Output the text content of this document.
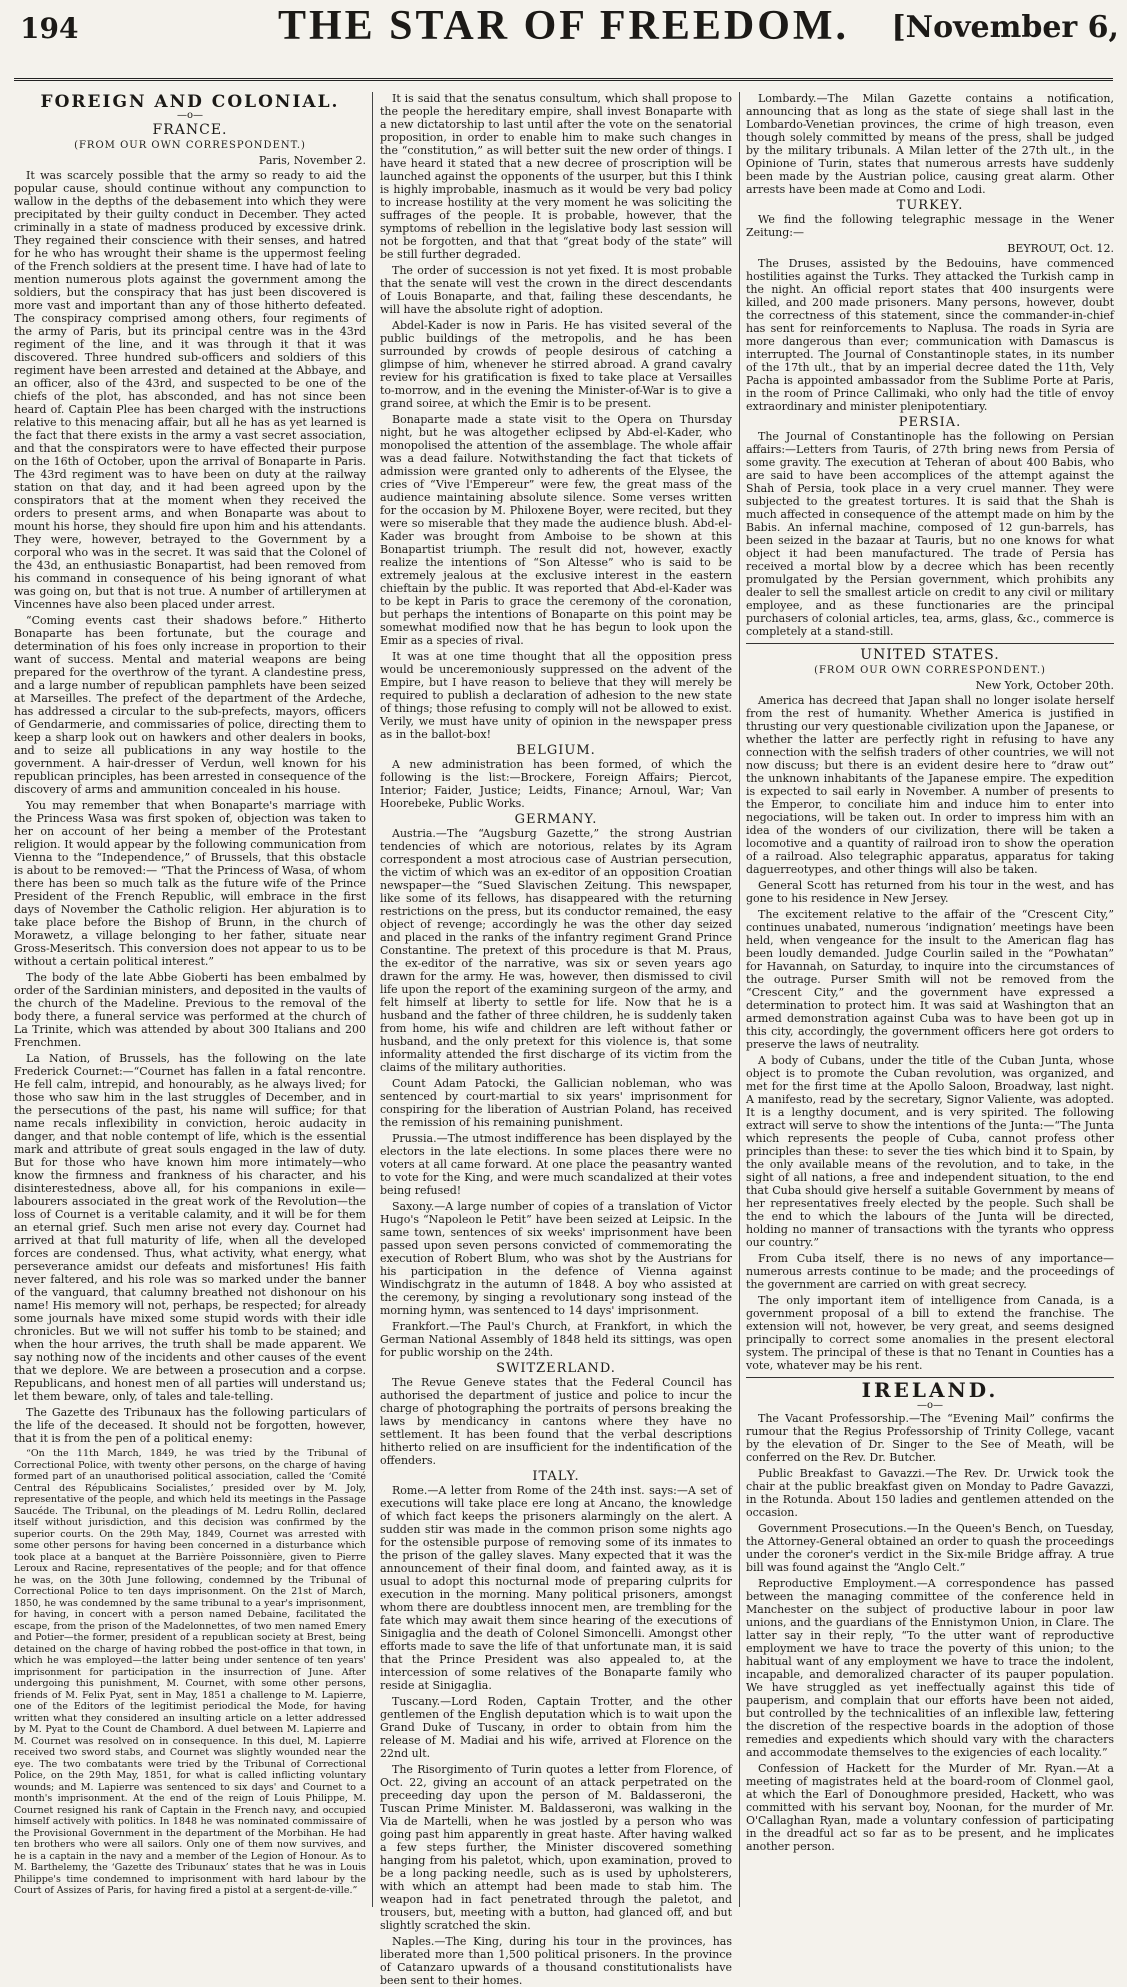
194	THE STAR OF FREEDOM.	[November 6,
FOREIGN AND COLONIAL.
—o—
FRANCE.
(FROM OUR OWN CORRESPONDENT.)
Paris, November 2.

It was scarcely possible that the army so ready to aid the popular cause, should continue without any compunction to wallow in the depths of the debasement into which they were precipitated by their guilty conduct in December. They acted criminally in a state of madness produced by excessive drink. They regained their conscience with their senses, and hatred for he who has wrought their shame is the uppermost feeling of the French soldiers at the present time. I have had of late to mention numerous plots against the government among the soldiers, but the conspiracy that has just been discovered is more vast and important than any of those hitherto defeated. The conspiracy comprised among others, four regiments of the army of Paris, but its principal centre was in the 43rd regiment of the line, and it was through it that it was discovered. Three hundred sub-officers and soldiers of this regiment have been arrested and detained at the Abbaye, and an officer, also of the 43rd, and suspected to be one of the chiefs of the plot, has absconded, and has not since been heard of. Captain Plee has been charged with the instructions relative to this menacing affair, but all he has as yet learned is the fact that there exists in the army a vast secret association, and that the conspirators were to have effected their purpose on the 16th of October, upon the arrival of Bonaparte in Paris. The 43rd regiment was to have been on duty at the railway station on that day, and it had been agreed upon by the conspirators that at the moment when they received the orders to present arms, and when Bonaparte was about to mount his horse, they should fire upon him and his attendants. They were, however, betrayed to the Government by a corporal who was in the secret. It was said that the Colonel of the 43d, an enthusiastic Bonapartist, had been removed from his command in consequence of his being ignorant of what was going on, but that is not true. A number of artillerymen at Vincennes have also been placed under arrest.

“Coming events cast their shadows before.” Hitherto Bonaparte has been fortunate, but the courage and determination of his foes only increase in proportion to their want of success. Mental and material weapons are being prepared for the overthrow of the tyrant. A clandestine press, and a large number of republican pamphlets have been seized at Marseilles. The prefect of the department of the Ardeche, has addressed a circular to the sub-prefects, mayors, officers of Gendarmerie, and commissaries of police, directing them to keep a sharp look out on hawkers and other dealers in books, and to seize all publications in any way hostile to the government. A hair-dresser of Verdun, well known for his republican principles, has been arrested in consequence of the discovery of arms and ammunition concealed in his house.

You may remember that when Bonaparte's marriage with the Princess Wasa was first spoken of, objection was taken to her on account of her being a member of the Protestant religion. It would appear by the following communication from Vienna to the “Independence,” of Brussels, that this obstacle is about to be removed:— “That the Princess of Wasa, of whom there has been so much talk as the future wife of the Prince President of the French Republic, will embrace in the first days of November the Catholic religion. Her abjuration is to take place before the Bishop of Brunn, in the church of Morawetz, a village belonging to her father, situate near Gross-Meseritsch. This conversion does not appear to us to be without a certain political interest.”

The body of the late Abbe Gioberti has been embalmed by order of the Sardinian ministers, and deposited in the vaults of the church of the Madeline. Previous to the removal of the body there, a funeral service was performed at the church of La Trinite, which was attended by about 300 Italians and 200 Frenchmen.

La Nation, of Brussels, has the following on the late Frederick Cournet:—“Cournet has fallen in a fatal rencontre. He fell calm, intrepid, and honourably, as he always lived; for those who saw him in the last struggles of December, and in the persecutions of the past, his name will suffice; for that name recals inflexibility in conviction, heroic audacity in danger, and that noble contempt of life, which is the essential mark and attribute of great souls engaged in the law of duty. But for those who have known him more intimately—who know the firmness and frankness of his character, and his disinterestedness, above all, for his companions in exile—labourers associated in the great work of the Revolution—the loss of Cournet is a veritable calamity, and it will be for them an eternal grief. Such men arise not every day. Cournet had arrived at that full maturity of life, when all the developed forces are condensed. Thus, what activity, what energy, what perseverance amidst our defeats and misfortunes! His faith never faltered, and his role was so marked under the banner of the vanguard, that calumny breathed not dishonour on his name! His memory will not, perhaps, be respected; for already some journals have mixed some stupid words with their idle chronicles. But we will not suffer his tomb to be stained; and when the hour arrives, the truth shall be made apparent. We say nothing now of the incidents and other causes of the event that we deplore. We are between a prosecution and a corpse. Republicans, and honest men of all parties will understand us; let them beware, only, of tales and tale-telling.

The Gazette des Tribunaux has the following particulars of the life of the deceased. It should not be forgotten, however, that it is from the pen of a political enemy:

“On the 11th March, 1849, he was tried by the Tribunal of Correctional Police, with twenty other persons, on the charge of having formed part of an unauthorised political association, called the ‘Comité Central des Républicains Socialistes,’ presided over by M. Joly, representative of the people, and which held its meetings in the Passage Saucéde. The Tribunal, on the pleadings of M. Ledru Rollin, declared itself without jurisdiction, and this decision was confirmed by the superior courts. On the 29th May, 1849, Cournet was arrested with some other persons for having been concerned in a disturbance which took place at a banquet at the Barrière Poissonnière, given to Pierre Leroux and Racine, representatives of the people; and for that offence he was, on the 30th June following, condemned by the Tribunal of Correctional Police to ten days imprisonment. On the 21st of March, 1850, he was condemned by the same tribunal to a year's imprisonment, for having, in concert with a person named Debaine, facilitated the escape, from the prison of the Madelonnettes, of two men named Emery and Potier—the former, president of a republican society at Brest, being detained on the charge of having robbed the post-office in that town, in which he was employed—the latter being under sentence of ten years' imprisonment for participation in the insurrection of June. After undergoing this punishment, M. Cournet, with some other persons, friends of M. Felix Pyat, sent in May, 1851 a challenge to M. Lapierre, one of the Editors of the legitimist periodical the Mode, for having written what they considered an insulting article on a letter addressed by M. Pyat to the Count de Chambord. A duel between M. Lapierre and M. Cournet was resolved on in consequence. In this duel, M. Lapierre received two sword stabs, and Cournet was slightly wounded near the eye. The two combatants were tried by the Tribunal of Correctional Police, on the 29th May, 1851, for what is called inflicting voluntary wounds; and M. Lapierre was sentenced to six days' and Cournet to a month's imprisonment. At the end of the reign of Louis Philippe, M. Cournet resigned his rank of Captain in the French navy, and occupied himself actively with politics. In 1848 he was nominated commissaire of the Provisional Government in the department of the Morbihan. He had ten brothers who were all sailors. Only one of them now survives, and he is a captain in the navy and a member of the Legion of Honour. As to M. Barthelemy, the ‘Gazette des Tribunaux’ states that he was in Louis Philippe's time condemned to imprisonment with hard labour by the Court of Assizes of Paris, for having fired a pistol at a sergent-de-ville.”

It is said that the senatus consultum, which shall propose to the people the hereditary empire, shall invest Bonaparte with a new dictatorship to last until after the vote on the senatorial proposition, in order to enable him to make such changes in the “constitution,” as will better suit the new order of things. I have heard it stated that a new decree of proscription will be launched against the opponents of the usurper, but this I think is highly improbable, inasmuch as it would be very bad policy to increase hostility at the very moment he was soliciting the suffrages of the people. It is probable, however, that the symptoms of rebellion in the legislative body last session will not be forgotten, and that that “great body of the state” will be still further degraded.

The order of succession is not yet fixed. It is most probable that the senate will vest the crown in the direct descendants of Louis Bonaparte, and that, failing these descendants, he will have the absolute right of adoption.

Abdel-Kader is now in Paris. He has visited several of the public buildings of the metropolis, and he has been surrounded by crowds of people desirous of catching a glimpse of him, whenever he stirred abroad. A grand cavalry review for his gratification is fixed to take place at Versailles to-morrow, and in the evening the Minister-of-War is to give a grand soiree, at which the Emir is to be present.

Bonaparte made a state visit to the Opera on Thursday night, but he was altogether eclipsed by Abd-el-Kader, who monopolised the attention of the assemblage. The whole affair was a dead failure. Notwithstanding the fact that tickets of admission were granted only to adherents of the Elysee, the cries of “Vive l'Empereur” were few, the great mass of the audience maintaining absolute silence. Some verses written for the occasion by M. Philoxene Boyer, were recited, but they were so miserable that they made the audience blush. Abd-el-Kader was brought from Amboise to be shown at this Bonapartist triumph. The result did not, however, exactly realize the intentions of “Son Altesse” who is said to be extremely jealous at the exclusive interest in the eastern chieftain by the public. It was reported that Abd-el-Kader was to be kept in Paris to grace the ceremony of the coronation, but perhaps the intentions of Bonaparte on this point may be somewhat modified now that he has begun to look upon the Emir as a species of rival.

It was at one time thought that all the opposition press would be unceremoniously suppressed on the advent of the Empire, but I have reason to believe that they will merely be required to publish a declaration of adhesion to the new state of things; those refusing to comply will not be allowed to exist. Verily, we must have unity of opinion in the newspaper press as in the ballot-box!

BELGIUM.

A new administration has been formed, of which the following is the list:—Brockere, Foreign Affairs; Piercot, Interior; Faider, Justice; Leidts, Finance; Arnoul, War; Van Hoorebeke, Public Works.

GERMANY.

Austria.—The “Augsburg Gazette,” the strong Austrian tendencies of which are notorious, relates by its Agram correspondent a most atrocious case of Austrian persecution, the victim of which was an ex-editor of an opposition Croatian newspaper—the “Sued Slavischen Zeitung. This newspaper, like some of its fellows, has disappeared with the returning restrictions on the press, but its conductor remained, the easy object of revenge; accordingly he was the other day seized and placed in the ranks of the infantry regiment Grand Prince Constantine. The pretext of this procedure is that M. Praus, the ex-editor of the narrative, was six or seven years ago drawn for the army. He was, however, then dismissed to civil life upon the report of the examining surgeon of the army, and felt himself at liberty to settle for life. Now that he is a husband and the father of three children, he is suddenly taken from home, his wife and children are left without father or husband, and the only pretext for this violence is, that some informality attended the first discharge of its victim from the claims of the military authorities.

Count Adam Patocki, the Gallician nobleman, who was sentenced by court-martial to six years' imprisonment for conspiring for the liberation of Austrian Poland, has received the remission of his remaining punishment.

Prussia.—The utmost indifference has been displayed by the electors in the late elections. In some places there were no voters at all came forward. At one place the peasantry wanted to vote for the King, and were much scandalized at their votes being refused!

Saxony.—A large number of copies of a translation of Victor Hugo's “Napoleon le Petit” have been seized at Leipsic. In the same town, sentences of six weeks' imprisonment have been passed upon seven persons convicted of commemorating the execution of Robert Blum, who was shot by the Austrians for his participation in the defence of Vienna against Windischgratz in the autumn of 1848. A boy who assisted at the ceremony, by singing a revolutionary song instead of the morning hymn, was sentenced to 14 days' imprisonment.

Frankfort.—The Paul's Church, at Frankfort, in which the German National Assembly of 1848 held its sittings, was open for public worship on the 24th.

SWITZERLAND.

The Revue Geneve states that the Federal Council has authorised the department of justice and police to incur the charge of photographing the portraits of persons breaking the laws by mendicancy in cantons where they have no settlement. It has been found that the verbal descriptions hitherto relied on are insufficient for the indentification of the offenders.

ITALY.

Rome.—A letter from Rome of the 24th inst. says:—A set of executions will take place ere long at Ancano, the knowledge of which fact keeps the prisoners alarmingly on the alert. A sudden stir was made in the common prison some nights ago for the ostensible purpose of removing some of its inmates to the prison of the galley slaves. Many expected that it was the announcement of their final doom, and fainted away, as it is usual to adopt this nocturnal mode of preparing culprits for execution in the morning. Many political prisoners, amongst whom there are doubtless innocent men, are trembling for the fate which may await them since hearing of the executions of Sinigaglia and the death of Colonel Simoncelli. Amongst other efforts made to save the life of that unfortunate man, it is said that the Prince President was also appealed to, at the intercession of some relatives of the Bonaparte family who reside at Sinigaglia.

Tuscany.—Lord Roden, Captain Trotter, and the other gentlemen of the English deputation which is to wait upon the Grand Duke of Tuscany, in order to obtain from him the release of M. Madiai and his wife, arrived at Florence on the 22nd ult.

The Risorgimento of Turin quotes a letter from Florence, of Oct. 22, giving an account of an attack perpetrated on the preceeding day upon the person of M. Baldasseroni, the Tuscan Prime Minister. M. Baldasseroni, was walking in the Via de Martelli, when he was jostled by a person who was going past him apparently in great haste. After having walked a few steps further, the Minister discovered something hanging from his paletot, which, upon examination, proved to be a long packing needle, such as is used by upholsterers, with which an attempt had been made to stab him. The weapon had in fact penetrated through the paletot, and trousers, but, meeting with a button, had glanced off, and but slightly scratched the skin.

Naples.—The King, during his tour in the provinces, has liberated more than 1,500 political prisoners. In the province of Catanzaro upwards of a thousand constitutionalists have been sent to their homes.

Lombardy.—The Milan Gazette contains a notification, announcing that as long as the state of siege shall last in the Lombardo-Venetian provinces, the crime of high treason, even though solely committed by means of the press, shall be judged by the military tribunals. A Milan letter of the 27th ult., in the Opinione of Turin, states that numerous arrests have suddenly been made by the Austrian police, causing great alarm. Other arrests have been made at Como and Lodi.

TURKEY.

We find the following telegraphic message in the Wener Zeitung:—

BEYROUT, Oct. 12.

The Druses, assisted by the Bedouins, have commenced hostilities against the Turks. They attacked the Turkish camp in the night. An official report states that 400 insurgents were killed, and 200 made prisoners. Many persons, however, doubt the correctness of this statement, since the commander-in-chief has sent for reinforcements to Naplusa. The roads in Syria are more dangerous than ever; communication with Damascus is interrupted. The Journal of Constantinople states, in its number of the 17th ult., that by an imperial decree dated the 11th, Vely Pacha is appointed ambassador from the Sublime Porte at Paris, in the room of Prince Callimaki, who only had the title of envoy extraordinary and minister plenipotentiary.

PERSIA.

The Journal of Constantinople has the following on Persian affairs:—Letters from Tauris, of 27th bring news from Persia of some gravity. The execution at Teheran of about 400 Babis, who are said to have been accomplices of the attempt against the Shah of Persia, took place in a very cruel manner. They were subjected to the greatest tortures. It is said that the Shah is much affected in consequence of the attempt made on him by the Babis. An infernal machine, composed of 12 gun-barrels, has been seized in the bazaar at Tauris, but no one knows for what object it had been manufactured. The trade of Persia has received a mortal blow by a decree which has been recently promulgated by the Persian government, which prohibits any dealer to sell the smallest article on credit to any civil or military employee, and as these functionaries are the principal purchasers of colonial articles, tea, arms, glass, &c., commerce is completely at a stand-still.

UNITED STATES.
(FROM OUR OWN CORRESPONDENT.)
New York, October 20th.

America has decreed that Japan shall no longer isolate herself from the rest of humanity. Whether America is justified in thrusting our very questionable civilization upon the Japanese, or whether the latter are perfectly right in refusing to have any connection with the selfish traders of other countries, we will not now discuss; but there is an evident desire here to “draw out” the unknown inhabitants of the Japanese empire. The expedition is expected to sail early in November. A number of presents to the Emperor, to conciliate him and induce him to enter into negociations, will be taken out. In order to impress him with an idea of the wonders of our civilization, there will be taken a locomotive and a quantity of railroad iron to show the operation of a railroad. Also telegraphic apparatus, apparatus for taking daguerreotypes, and other things will also be taken.

General Scott has returned from his tour in the west, and has gone to his residence in New Jersey.

The excitement relative to the affair of the “Crescent City,” continues unabated, numerous ‘indignation’ meetings have been held, when vengeance for the insult to the American flag has been loudly demanded. Judge Courlin sailed in the “Powhatan” for Havannah, on Saturday, to inquire into the circumstances of the outrage. Purser Smith will not be removed from the “Crescent City,” and the government have expressed a determination to protect him. It was said at Washington that an armed demonstration against Cuba was to have been got up in this city, accordingly, the government officers here got orders to preserve the laws of neutrality.

A body of Cubans, under the title of the Cuban Junta, whose object is to promote the Cuban revolution, was organized, and met for the first time at the Apollo Saloon, Broadway, last night. A manifesto, read by the secretary, Signor Valiente, was adopted. It is a lengthy document, and is very spirited. The following extract will serve to show the intentions of the Junta:—“The Junta which represents the people of Cuba, cannot profess other principles than these: to sever the ties which bind it to Spain, by the only available means of the revolution, and to take, in the sight of all nations, a free and independent situation, to the end that Cuba should give herself a suitable Government by means of her representatives freely elected by the people. Such shall be the end to which the labours of the Junta will be directed, holding no manner of transactions with the tyrants who oppress our country.”

From Cuba itself, there is no news of any importance—numerous arrests continue to be made; and the proceedings of the government are carried on with great secrecy.

The only important item of intelligence from Canada, is a government proposal of a bill to extend the franchise. The extension will not, however, be very great, and seems designed principally to correct some anomalies in the present electoral system. The principal of these is that no Tenant in Counties has a vote, whatever may be his rent.

IRELAND.
—o—

The Vacant Professorship.—The “Evening Mail” confirms the rumour that the Regius Professorship of Trinity College, vacant by the elevation of Dr. Singer to the See of Meath, will be conferred on the Rev. Dr. Butcher.

Public Breakfast to Gavazzi.—The Rev. Dr. Urwick took the chair at the public breakfast given on Monday to Padre Gavazzi, in the Rotunda. About 150 ladies and gentlemen attended on the occasion.

Government Prosecutions.—In the Queen's Bench, on Tuesday, the Attorney-General obtained an order to quash the proceedings under the coroner's verdict in the Six-mile Bridge affray. A true bill was found against the “Anglo Celt.”

Reproductive Employment.—A correspondence has passed between the managing committee of the conference held in Manchester on the subject of productive labour in poor law unions, and the guardians of the Ennistymon Union, in Clare. The latter say in their reply, “To the utter want of reproductive employment we have to trace the poverty of this union; to the habitual want of any employment we have to trace the indolent, incapable, and demoralized character of its pauper population. We have struggled as yet ineffectually against this tide of pauperism, and complain that our efforts have been not aided, but controlled by the technicalities of an inflexible law, fettering the discretion of the respective boards in the adoption of those remedies and expedients which should vary with the characters and accommodate themselves to the exigencies of each locality.”

Confession of Hackett for the Murder of Mr. Ryan.—At a meeting of magistrates held at the board-room of Clonmel gaol, at which the Earl of Donoughmore presided, Hackett, who was committed with his servant boy, Noonan, for the murder of Mr. O'Callaghan Ryan, made a voluntary confession of participating in the dreadful act so far as to be present, and he implicates another person.
